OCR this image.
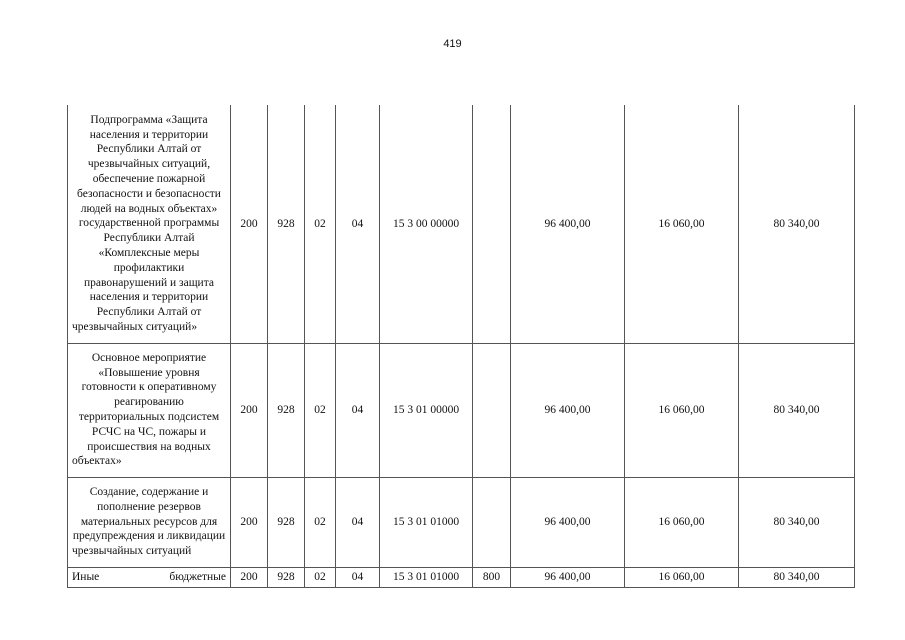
419
Подпрограмма «Защита населения и территории Республики Алтай от чрезвычайных ситуаций, обеспечение пожарной безопасности и безопасности людей на водных объектах» государственной программы Республики Алтай «Комплексные меры профилактики правонарушений и защита населения и территории Республики Алтай от чрезвычайных ситуаций»	200	928	02	04	15 3 00 00000		96 400,00	16 060,00	80 340,00
Основное мероприятие «Повышение уровня готовности к оперативному реагированию территориальных подсистем РСЧС на ЧС, пожары и происшествия на водных объектах»	200	928	02	04	15 3 01 00000		96 400,00	16 060,00	80 340,00
Создание, содержание и пополнение резервов материальных ресурсов для предупреждения и ликвидации чрезвычайных ситуаций	200	928	02	04	15 3 01 01000		96 400,00	16 060,00	80 340,00
Иные бюджетные	200	928	02	04	15 3 01 01000	800	96 400,00	16 060,00	80 340,00
